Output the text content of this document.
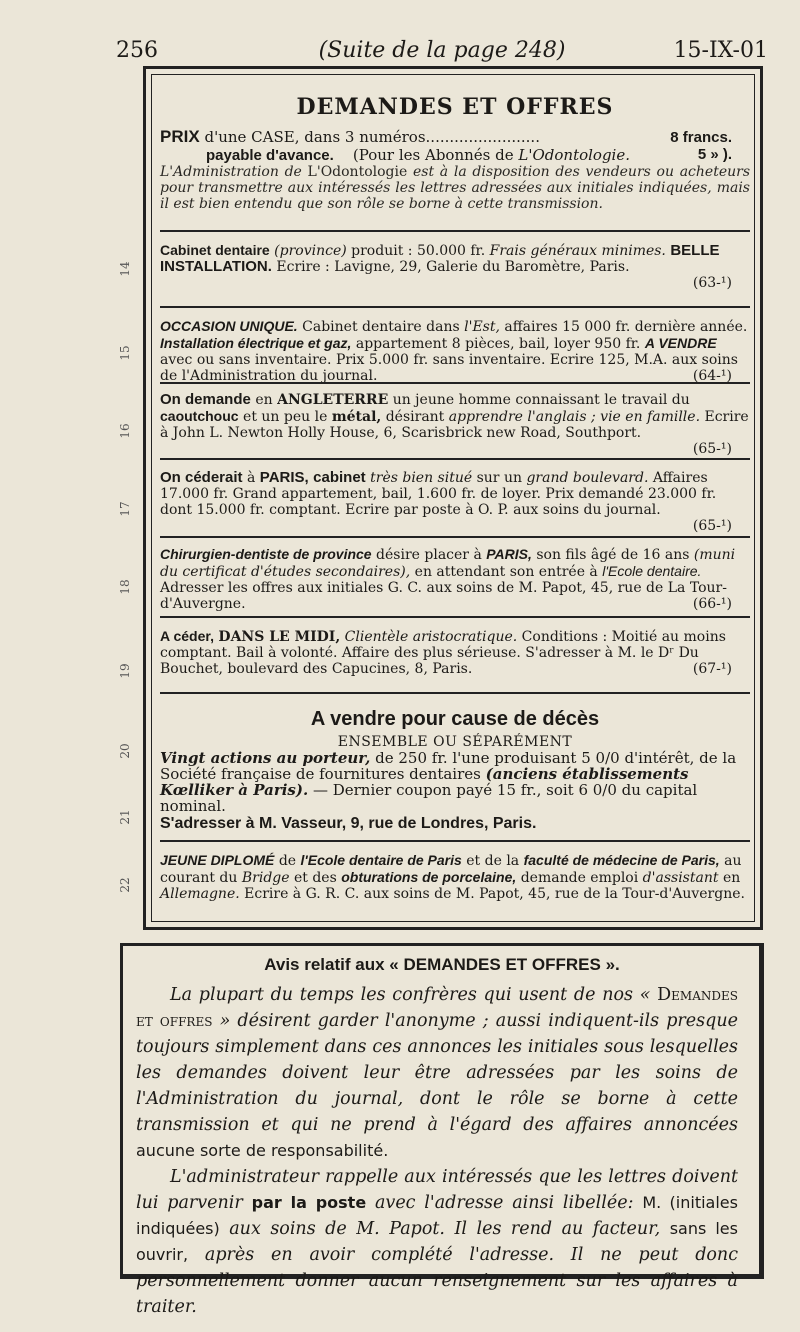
256	(Suite de la page 248)	15-IX-01
14
15
16
17
18
19
20
21
22
DEMANDES ET OFFRES
PRIX d'une CASE, dans 3 numéros........................	8 francs.
payable d'avance. (Pour les Abonnés de L'Odontologie.	5 » ).
L'Administration de L'Odontologie est à la disposition des vendeurs ou acheteurs pour transmettre aux intéressés les lettres adressées aux initiales indiquées, mais il est bien entendu que son rôle se borne à cette transmission.
Cabinet dentaire (province) produit : 50.000 fr. Frais généraux minimes. BELLE INSTALLATION. Ecrire : Lavigne, 29, Galerie du Baromètre, Paris.
(63-¹)
OCCASION UNIQUE. Cabinet dentaire dans l'Est, affaires 15 000 fr. dernière année. Installation électrique et gaz, appartement 8 pièces, bail, loyer 950 fr. A VENDRE avec ou sans inventaire. Prix 5.000 fr. sans inventaire. Ecrire 125, M.A. aux soins de l'Administration du journal.	(64-¹)
On demande en ANGLETERRE un jeune homme connaissant le travail du caoutchouc et un peu le métal, désirant apprendre l'anglais ; vie en famille. Ecrire à John L. Newton Holly House, 6, Scarisbrick new Road, Southport.
(65-¹)
On céderait à PARIS, cabinet très bien situé sur un grand boulevard. Affaires 17.000 fr. Grand appartement, bail, 1.600 fr. de loyer. Prix demandé 23.000 fr. dont 15.000 fr. comptant. Ecrire par poste à O. P. aux soins du journal.
(65-¹)
Chirurgien-dentiste de province désire placer à PARIS, son fils âgé de 16 ans (muni du certificat d'études secondaires), en attendant son entrée à l'Ecole dentaire. Adresser les offres aux initiales G. C. aux soins de M. Papot, 45, rue de La Tour-d'Auvergne.	(66-¹)
A céder, DANS LE MIDI, Clientèle aristocratique. Conditions : Moitié au moins comptant. Bail à volonté. Affaire des plus sérieuse. S'adresser à M. le Dʳ Du Bouchet, boulevard des Capucines, 8, Paris.	(67-¹)
A vendre pour cause de décès
ENSEMBLE OU SÉPARÉMENT
Vingt actions au porteur, de 250 fr. l'une produisant 5 0/0 d'intérêt, de la Société française de fournitures dentaires (anciens établissements Kœlliker à Paris). — Dernier coupon payé 15 fr., soit 6 0/0 du capital nominal.
S'adresser à M. Vasseur, 9, rue de Londres, Paris.
JEUNE DIPLOMÉ de l'Ecole dentaire de Paris et de la faculté de médecine de Paris, au courant du Bridge et des obturations de porcelaine, demande emploi d'assistant en Allemagne. Ecrire à G. R. C. aux soins de M. Papot, 45, rue de la Tour-d'Auvergne.
Avis relatif aux « DEMANDES ET OFFRES ».

La plupart du temps les confrères qui usent de nos « Demandes et offres » désirent garder l'anonyme ; aussi indiquent-ils presque toujours simplement dans ces annonces les initiales sous lesquelles les demandes doivent leur être adressées par les soins de l'Administration du journal, dont le rôle se borne à cette transmission et qui ne prend à l'égard des affaires annoncées aucune sorte de responsabilité.

L'administrateur rappelle aux intéressés que les lettres doivent lui parvenir par la poste avec l'adresse ainsi libellée: M. (initiales indiquées) aux soins de M. Papot. Il les rend au facteur, sans les ouvrir, après en avoir complété l'adresse. Il ne peut donc personnellement donner aucun renseignement sur les affaires à traiter.
